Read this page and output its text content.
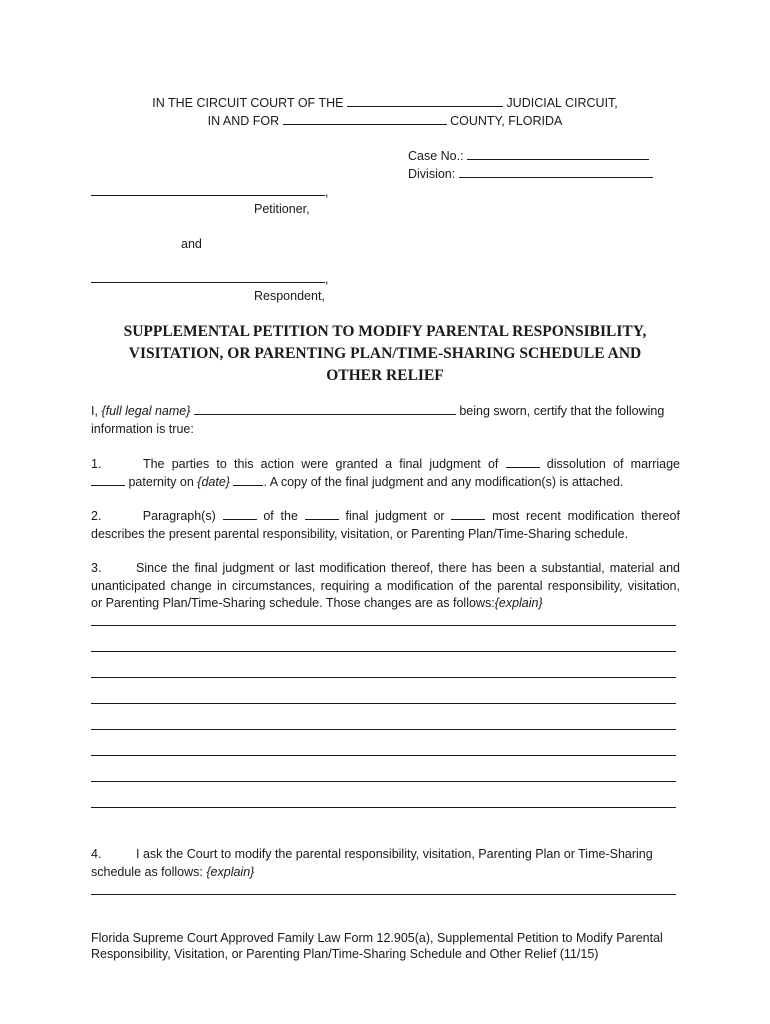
IN THE CIRCUIT COURT OF THE	JUDICIAL CIRCUIT,
IN AND FOR	COUNTY, FLORIDA
Case No.:
Division:
,
Petitioner,
and
,
Respondent,
SUPPLEMENTAL PETITION TO MODIFY PARENTAL RESPONSIBILITY,
VISITATION, OR PARENTING PLAN/TIME-SHARING SCHEDULE AND
OTHER RELIEF
I, {full legal name}	being sworn, certify that the following
information is true:
1.	The parties to this action were granted a final judgment of	dissolution of marriage
paternity on {date}	. A copy of the final judgment and any modification(s) is attached.
2.	Paragraph(s)	of the	final judgment or	most recent modification thereof
describes the present parental responsibility, visitation, or Parenting Plan/Time-Sharing schedule.
3.	Since the final judgment or last modification thereof, there has been a substantial, material and
unanticipated change in circumstances, requiring a modification of the parental responsibility, visitation,
or Parenting Plan/Time-Sharing schedule. Those changes are as follows:{explain}
4.	I ask the Court to modify the parental responsibility, visitation, Parenting Plan or Time-Sharing
schedule as follows: {explain}
Florida Supreme Court Approved Family Law Form 12.905(a), Supplemental Petition to Modify Parental
Responsibility, Visitation, or Parenting Plan/Time-Sharing Schedule and Other Relief (11/15)
